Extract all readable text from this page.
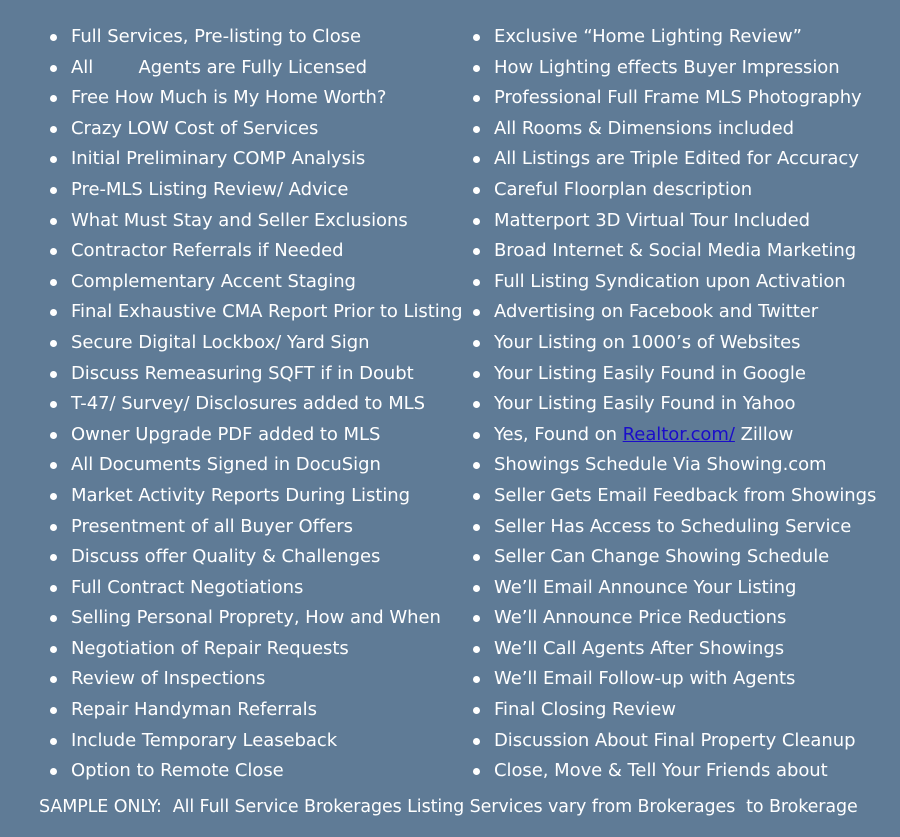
Full Services, Pre-listing to Close
All        Agents are Fully Licensed
Free How Much is My Home Worth?
Crazy LOW Cost of Services
Initial Preliminary COMP Analysis
Pre-MLS Listing Review/ Advice
What Must Stay and Seller Exclusions
Contractor Referrals if Needed
Complementary Accent Staging
Final Exhaustive CMA Report Prior to Listing
Secure Digital Lockbox/ Yard Sign
Discuss Remeasuring SQFT if in Doubt
T-47/ Survey/ Disclosures added to MLS
Owner Upgrade PDF added to MLS
All Documents Signed in DocuSign
Market Activity Reports During Listing
Presentment of all Buyer Offers
Discuss offer Quality & Challenges
Full Contract Negotiations
Selling Personal Proprety, How and When
Negotiation of Repair Requests
Review of Inspections
Repair Handyman Referrals
Include Temporary Leaseback
Option to Remote Close
Exclusive “Home Lighting Review”
How Lighting effects Buyer Impression
Professional Full Frame MLS Photography
All Rooms & Dimensions included
All Listings are Triple Edited for Accuracy
Careful Floorplan description
Matterport 3D Virtual Tour Included
Broad Internet & Social Media Marketing
Full Listing Syndication upon Activation
Advertising on Facebook and Twitter
Your Listing on 1000’s of Websites
Your Listing Easily Found in Google
Your Listing Easily Found in Yahoo
Yes, Found on Realtor.com/ Zillow
Showings Schedule Via Showing.com
Seller Gets Email Feedback from Showings
Seller Has Access to Scheduling Service
Seller Can Change Showing Schedule
We’ll Email Announce Your Listing
We’ll Announce Price Reductions
We’ll Call Agents After Showings
We’ll Email Follow-up with Agents
Final Closing Review
Discussion About Final Property Cleanup
Close, Move & Tell Your Friends about
SAMPLE ONLY:  All Full Service Brokerages Listing Services vary from Brokerages  to Brokerage
